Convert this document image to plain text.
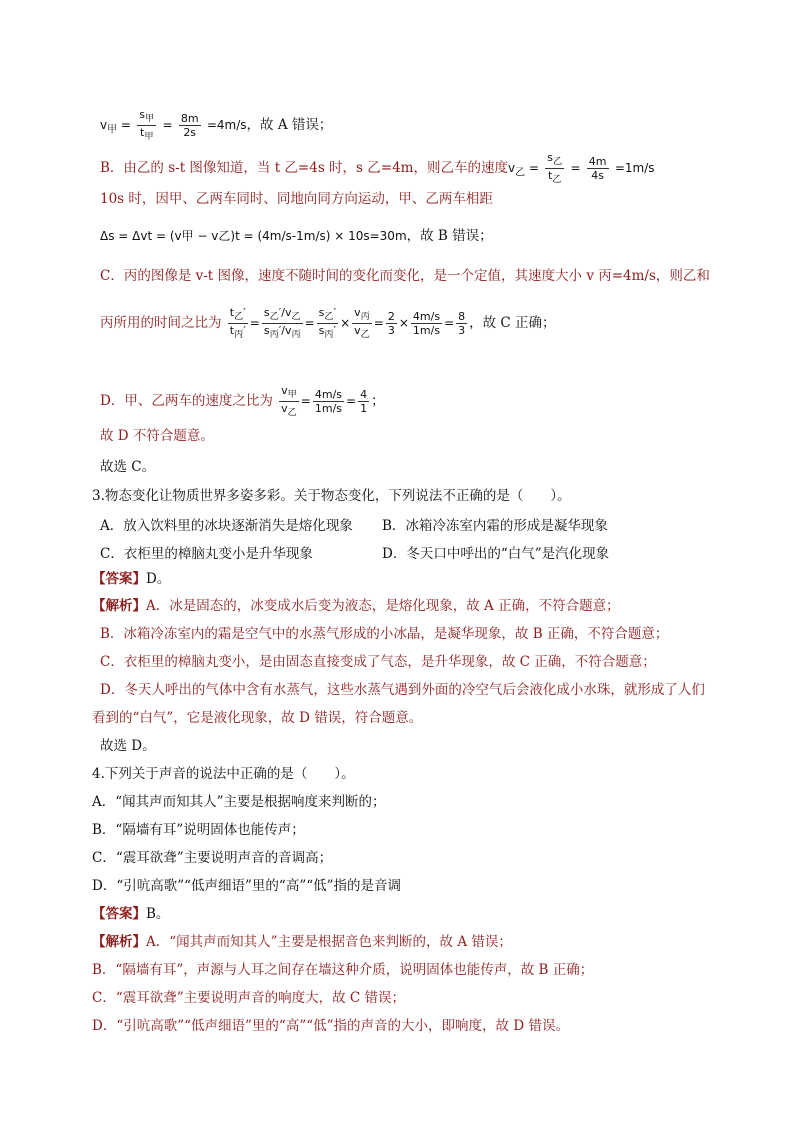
$v_甲 = \frac{s_甲}{t_甲} = \frac{8m}{2s} =4m/s$，故 A 错误；
B．由乙的 s-t 图像知道，当 t 乙=4s 时，s 乙=4m，则乙车的速度$v_乙 = \frac{s_乙}{t_乙} = \frac{4m}{4s} =1m/s$
10s 时，因甲、乙两车同时、同地向同方向运动，甲、乙两车相距
Δs = Δvt = (v甲 − v乙)t = (4m/s-1m/s) × 10s=30m，故 B 错误；
C．丙的图像是 v-t 图像，速度不随时间的变化而变化，是一个定值，其速度大小 v 丙=4m/s，则乙和
丙所用的时间之比为 $\frac{t_乙'}{t_丙'} = \frac{s_乙'/v_乙}{s_丙'/v_丙} = \frac{s_乙'}{s_丙'} \times \frac{v_丙}{v_乙} = \frac{2}{3} \times \frac{4m/s}{1m/s} = \frac{8}{3}$ ，故 C 正确；
D．甲、乙两车的速度之比为 $\frac{v_甲}{v_乙} = \frac{4m/s}{1m/s} = \frac{4}{1}$ ；
故 D 不符合题意。
故选 C。
3.物态变化让物质世界多姿多彩。关于物态变化，下列说法不正确的是（　　）。
A．放入饮料里的冰块逐渐消失是熔化现象 B．冰箱冷冻室内霜的形成是凝华现象
C．衣柜里的樟脑丸变小是升华现象	D．冬天口中呼出的“白气”是汽化现象
【答案】D。
【解析】A．冰是固态的，冰变成水后变为液态，是熔化现象，故 A 正确，不符合题意；
B．冰箱冷冻室内的霜是空气中的水蒸气形成的小冰晶，是凝华现象，故 B 正确，不符合题意；
C．衣柜里的樟脑丸变小，是由固态直接变成了气态，是升华现象，故 C 正确，不符合题意；
D．冬天人呼出的气体中含有水蒸气，这些水蒸气遇到外面的冷空气后会液化成小水珠，就形成了人们
看到的“白气”，它是液化现象，故 D 错误，符合题意。
故选 D。
4.下列关于声音的说法中正确的是（　　）。
A．“闻其声而知其人”主要是根据响度来判断的；
B．“隔墙有耳”说明固体也能传声；
C．“震耳欲聋”主要说明声音的音调高；
D．“引吭高歌”“低声细语”里的“高”“低”指的是音调
【答案】B。
【解析】A．“闻其声而知其人”主要是根据音色来判断的，故 A 错误；
B．“隔墙有耳”，声源与人耳之间存在墙这种介质，说明固体也能传声，故 B 正确；
C．“震耳欲聋”主要说明声音的响度大，故 C 错误；
D．“引吭高歌”“低声细语”里的“高”“低”指的声音的大小，即响度，故 D 错误。
